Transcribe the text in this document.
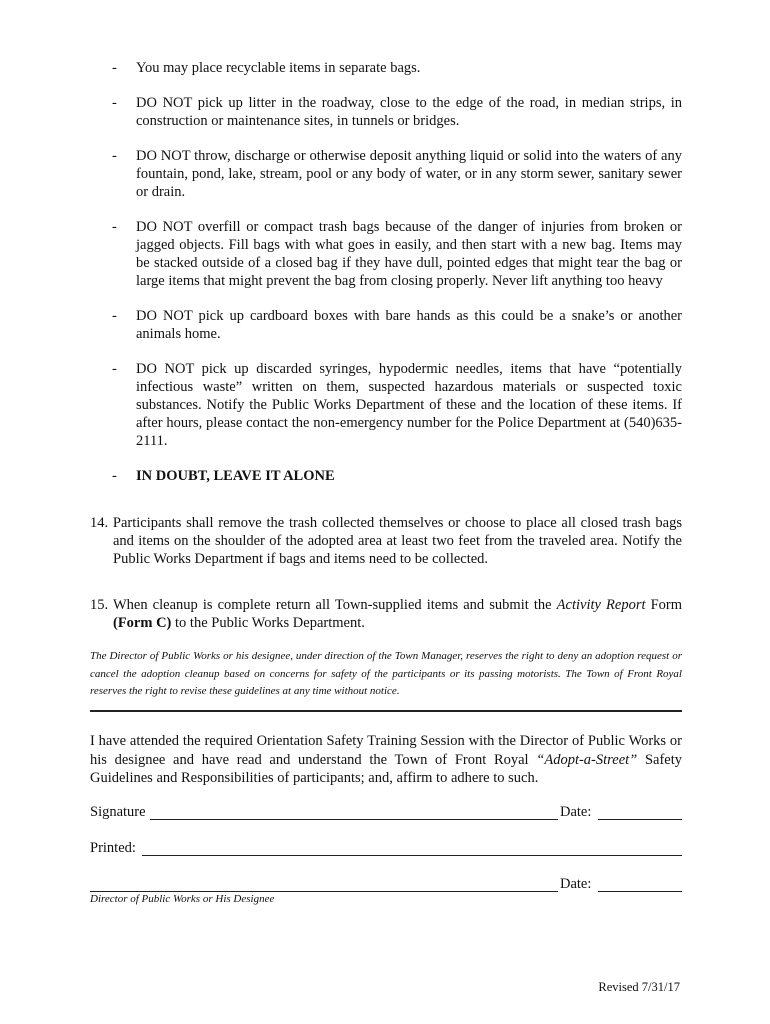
- You may place recyclable items in separate bags.
- DO NOT pick up litter in the roadway, close to the edge of the road, in median strips, in construction or maintenance sites, in tunnels or bridges.
- DO NOT throw, discharge or otherwise deposit anything liquid or solid into the waters of any fountain, pond, lake, stream, pool or any body of water, or in any storm sewer, sanitary sewer or drain.
- DO NOT overfill or compact trash bags because of the danger of injuries from broken or jagged objects. Fill bags with what goes in easily, and then start with a new bag. Items may be stacked outside of a closed bag if they have dull, pointed edges that might tear the bag or large items that might prevent the bag from closing properly. Never lift anything too heavy
- DO NOT pick up cardboard boxes with bare hands as this could be a snake’s or another animals home.
- DO NOT pick up discarded syringes, hypodermic needles, items that have “potentially infectious waste” written on them, suspected hazardous materials or suspected toxic substances. Notify the Public Works Department of these and the location of these items. If after hours, please contact the non-emergency number for the Police Department at (540)635-2111.
- IN DOUBT, LEAVE IT ALONE

14. Participants shall remove the trash collected themselves or choose to place all closed trash bags and items on the shoulder of the adopted area at least two feet from the traveled area. Notify the Public Works Department if bags and items need to be collected.

15. When cleanup is complete return all Town-supplied items and submit the Activity Report Form (Form C) to the Public Works Department.

The Director of Public Works or his designee, under direction of the Town Manager, reserves the right to deny an adoption request or cancel the adoption cleanup based on concerns for safety of the participants or its passing motorists. The Town of Front Royal reserves the right to revise these guidelines at any time without notice.
I have attended the required Orientation Safety Training Session with the Director of Public Works or his designee and have read and understand the Town of Front Royal “Adopt-a-Street” Safety Guidelines and Responsibilities of participants; and, affirm to adhere to such.
Signature	Date:
Printed:
Date:
Director of Public Works or His Designee
Revised 7/31/17
